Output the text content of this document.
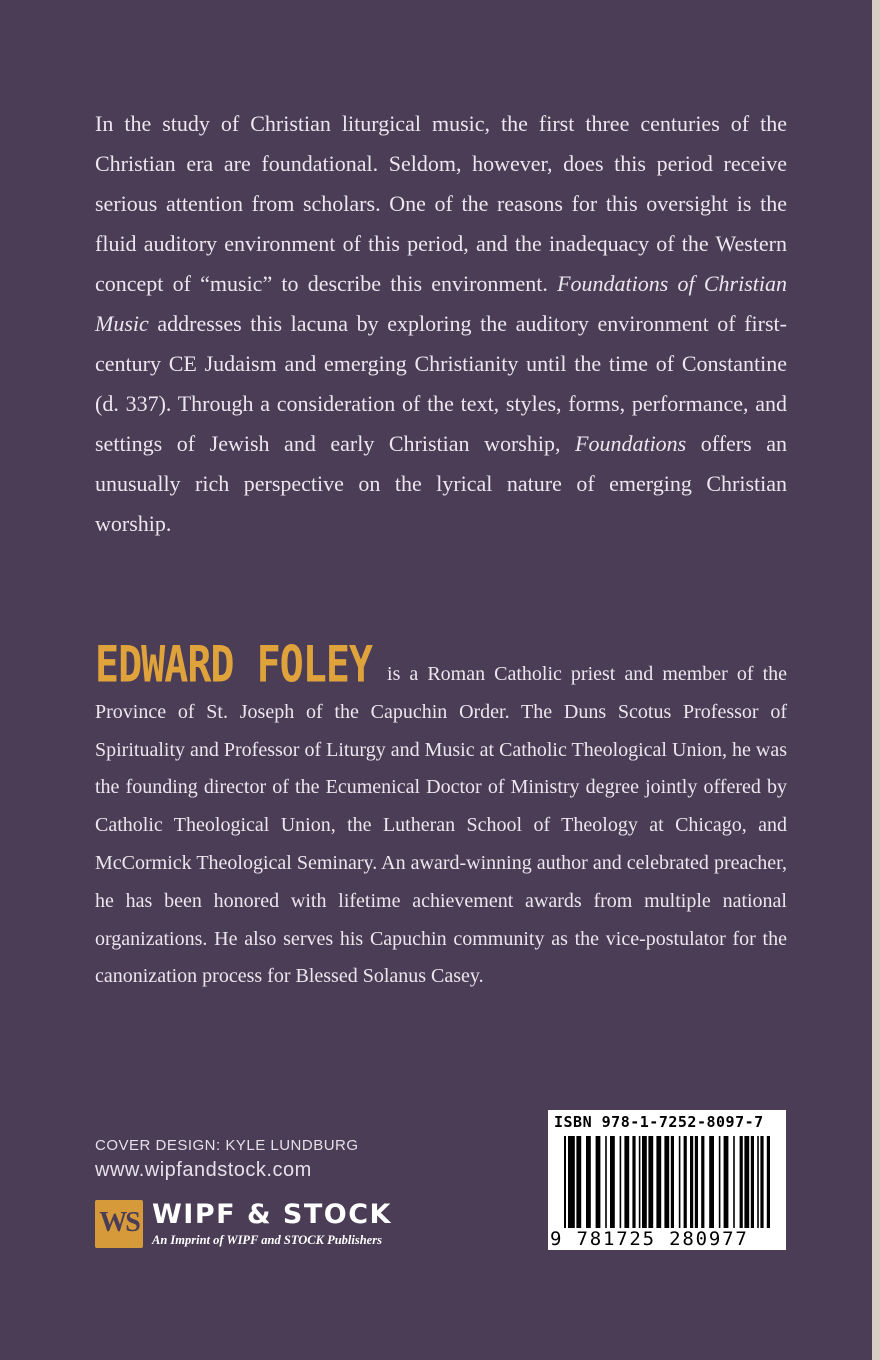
In the study of Christian liturgical music, the first three centuries of the Christian era are foundational. Seldom, however, does this period receive serious attention from scholars. One of the reasons for this oversight is the fluid auditory environment of this period, and the inadequacy of the Western concept of “music” to describe this environment. Foundations of Christian Music addresses this lacuna by exploring the auditory environment of first-century CE Judaism and emerging Christianity until the time of Constantine (d. 337). Through a consideration of the text, styles, forms, performance, and settings of Jewish and early Christian worship, Foundations offers an unusually rich perspective on the lyrical nature of emerging Christian worship.

EDWARD FOLEY is a Roman Catholic priest and member of the Province of St. Joseph of the Capuchin Order. The Duns Scotus Professor of Spirituality and Professor of Liturgy and Music at Catholic Theological Union, he was the founding director of the Ecumenical Doctor of Ministry degree jointly offered by Catholic Theological Union, the Lutheran School of Theology at Chicago, and McCormick Theological Seminary. An award-winning author and celebrated preacher, he has been honored with lifetime achievement awards from multiple national organizations. He also serves his Capuchin community as the vice-postulator for the canonization process for Blessed Solanus Casey.

COVER DESIGN: KYLE LUNDBURG

www.wipfandstock.com

WS WIPF & STOCK
An Imprint of WIPF and STOCK Publishers
ISBN 978-1-7252-8097-7
9 781725 280977
